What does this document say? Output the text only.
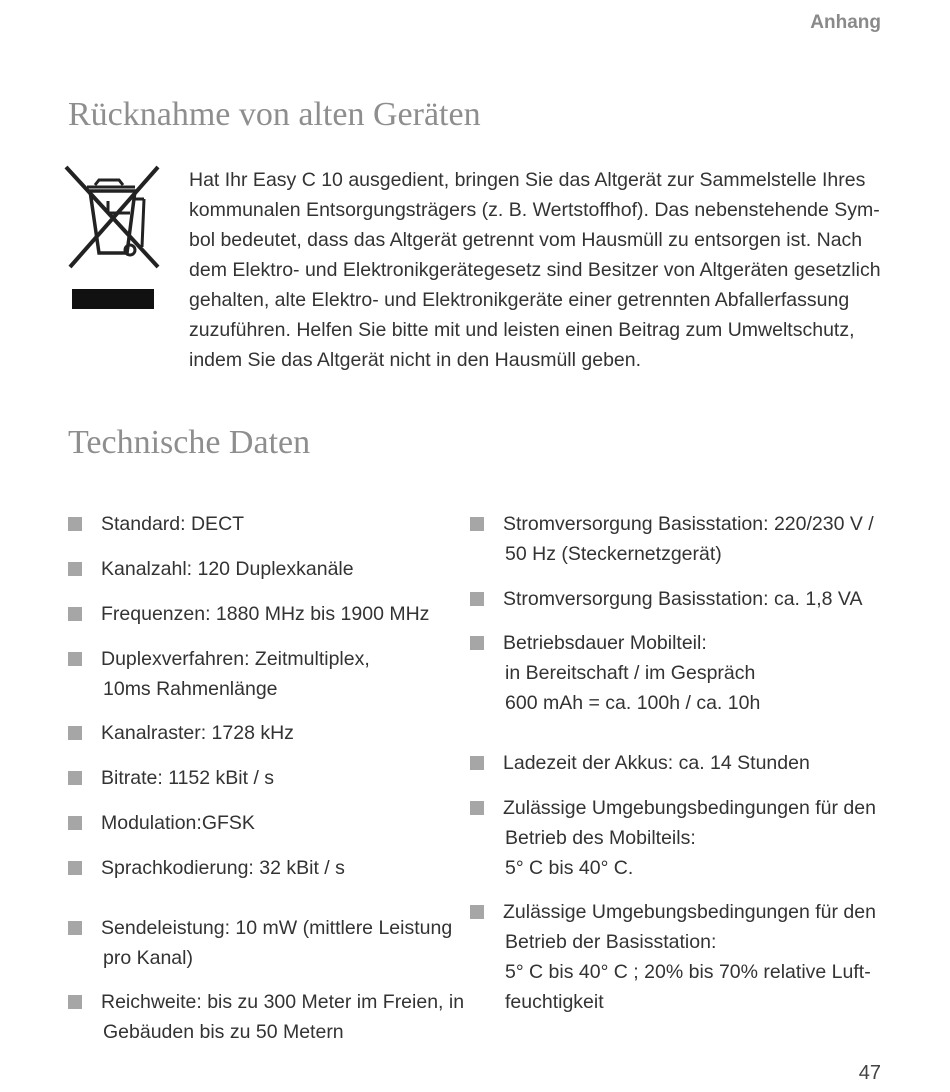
Anhang
Rücknahme von alten Geräten

Hat Ihr Easy C 10 ausgedient, bringen Sie das Altgerät zur Sammelstelle Ihres
kommunalen Entsorgungsträgers (z. B. Wertstoffhof). Das nebenstehende Sym-
bol bedeutet, dass das Altgerät getrennt vom Hausmüll zu entsorgen ist. Nach
dem Elektro- und Elektronikgerätegesetz sind Besitzer von Altgeräten gesetzlich
gehalten, alte Elektro- und Elektronikgeräte einer getrennten Abfallerfassung
zuzuführen. Helfen Sie bitte mit und leisten einen Beitrag zum Umweltschutz,
indem Sie das Altgerät nicht in den Hausmüll geben.

Technische Daten
Standard: DECT
Kanalzahl: 120 Duplexkanäle
Frequenzen: 1880 MHz bis 1900 MHz
Duplexverfahren: Zeitmultiplex,
10ms Rahmenlänge
Kanalraster: 1728 kHz
Bitrate: 1152 kBit / s
Modulation:GFSK
Sprachkodierung: 32 kBit / s
Sendeleistung: 10 mW (mittlere Leistung
pro Kanal)
Reichweite: bis zu 300 Meter im Freien, in
Gebäuden bis zu 50 Metern
Stromversorgung Basisstation: 220/230 V /
50 Hz (Steckernetzgerät)
Stromversorgung Basisstation: ca. 1,8 VA
Betriebsdauer Mobilteil:
in Bereitschaft / im Gespräch
600 mAh = ca. 100h / ca. 10h
Ladezeit der Akkus: ca. 14 Stunden
Zulässige Umgebungsbedingungen für den
Betrieb des Mobilteils:
5° C bis 40° C.
Zulässige Umgebungsbedingungen für den
Betrieb der Basisstation:
5° C bis 40° C ; 20% bis 70% relative Luft-
feuchtigkeit
47
